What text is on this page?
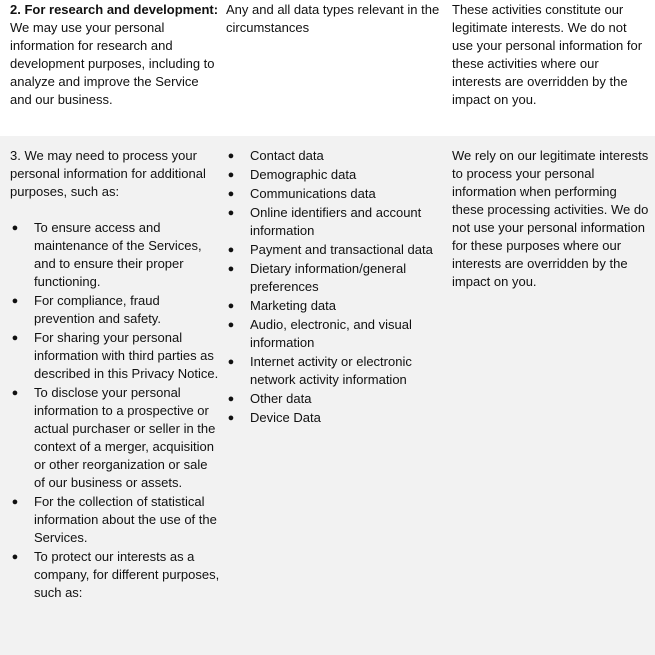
2. For research and development: We may use your personal information for research and development purposes, including to analyze and improve the Service and our business.

Any and all data types relevant in the circumstances

These activities constitute our legitimate interests. We do not use your personal information for these activities where our interests are overridden by the impact on you.

3. We may need to process your personal information for additional purposes, such as:

● To ensure access and maintenance of the Services, and to ensure their proper functioning.
● For compliance, fraud prevention and safety.
● For sharing your personal information with third parties as described in this Privacy Notice.
● To disclose your personal information to a prospective or actual purchaser or seller in the context of a merger, acquisition or other reorganization or sale of our business or assets.
● For the collection of statistical information about the use of the Services.
● To protect our interests as a company, for different purposes, such as:
● Contact data
● Demographic data
● Communications data
● Online identifiers and account information
● Payment and transactional data
● Dietary information/general preferences
● Marketing data
● Audio, electronic, and visual information
● Internet activity or electronic network activity information
● Other data
● Device Data

We rely on our legitimate interests to process your personal information when performing these processing activities. We do not use your personal information for these purposes where our interests are overridden by the impact on you.
